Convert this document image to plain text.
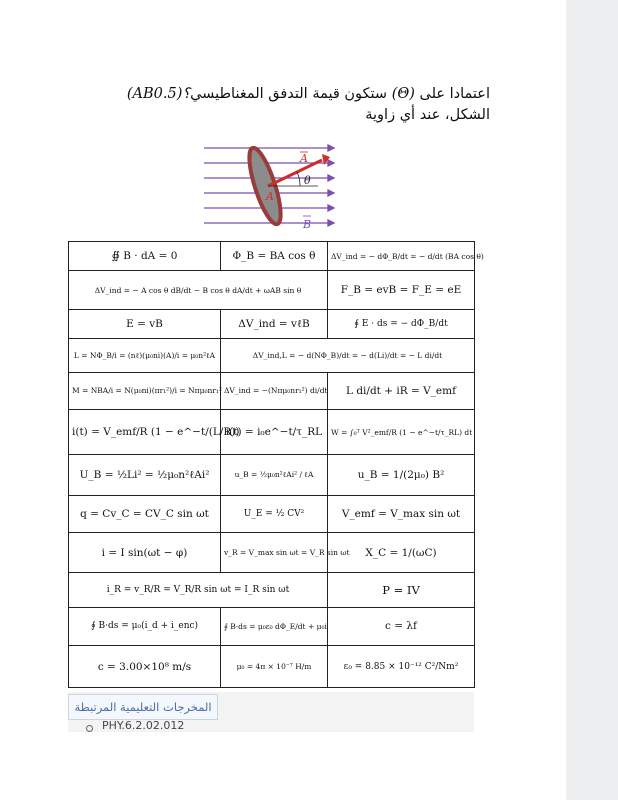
اعتمادا على (Θ) ستكون قيمة التدفق المغناطيسي(AB؟(0.5
الشكل، عند أي زاوية
A
θ
A
B
∯ B · dA = 0	Φ_B = BA cos θ	ΔV_ind = − dΦ_B/dt = − d/dt (BA cos θ)
ΔV_ind = − A cos θ dB/dt − B cos θ dA/dt + ωAB sin θ		F_B = evB = F_E = eE
E = vB	ΔV_ind = vℓB	∮ E · ds = − dΦ_B/dt
L = NΦ_B/i = (nℓ)(μ₀ni)(A)/i = μ₀n²ℓA	ΔV_ind,L = − d(NΦ_B)/dt = − d(Li)/dt = − L di/dt	
M = NBA/i = N(μ₀ni)(πr₁²)/i = Nπμ₀nr₁²	ΔV_ind = −(Nπμ₀nr₁²) di/dt	L di/dt + iR = V_emf
i(t) = V_emf/R (1 − e^−t/(L/R))	i(t) = i₀e^−t/τ_RL	W = ∫₀ᵀ V²_emf/R (1 − e^−t/τ_RL) dt
U_B = ½Li² = ½μ₀n²ℓAi²	u_B = ½μ₀n²ℓAi² / ℓA	u_B = 1/(2μ₀) B²
q = Cv_C = CV_C sin ωt	U_E = ½ CV²	V_emf = V_max sin ωt
i = I sin(ωt − φ)	v_R = V_max sin ωt = V_R sin ωt	X_C = 1/(ωC)
i_R = v_R/R = V_R/R sin ωt = I_R sin ωt		P = IV
∮ B·ds = μ₀(i_d + i_enc)	∮ B·ds = μ₀ε₀ dΦ_E/dt + μ₀i	c = λf
c = 3.00×10⁸ m/s	μ₀ = 4π × 10⁻⁷ H/m	ε₀ = 8.85 × 10⁻¹² C²/Nm²
المخرجات التعليمية المرتبطة
PHY.6.2.02.012
